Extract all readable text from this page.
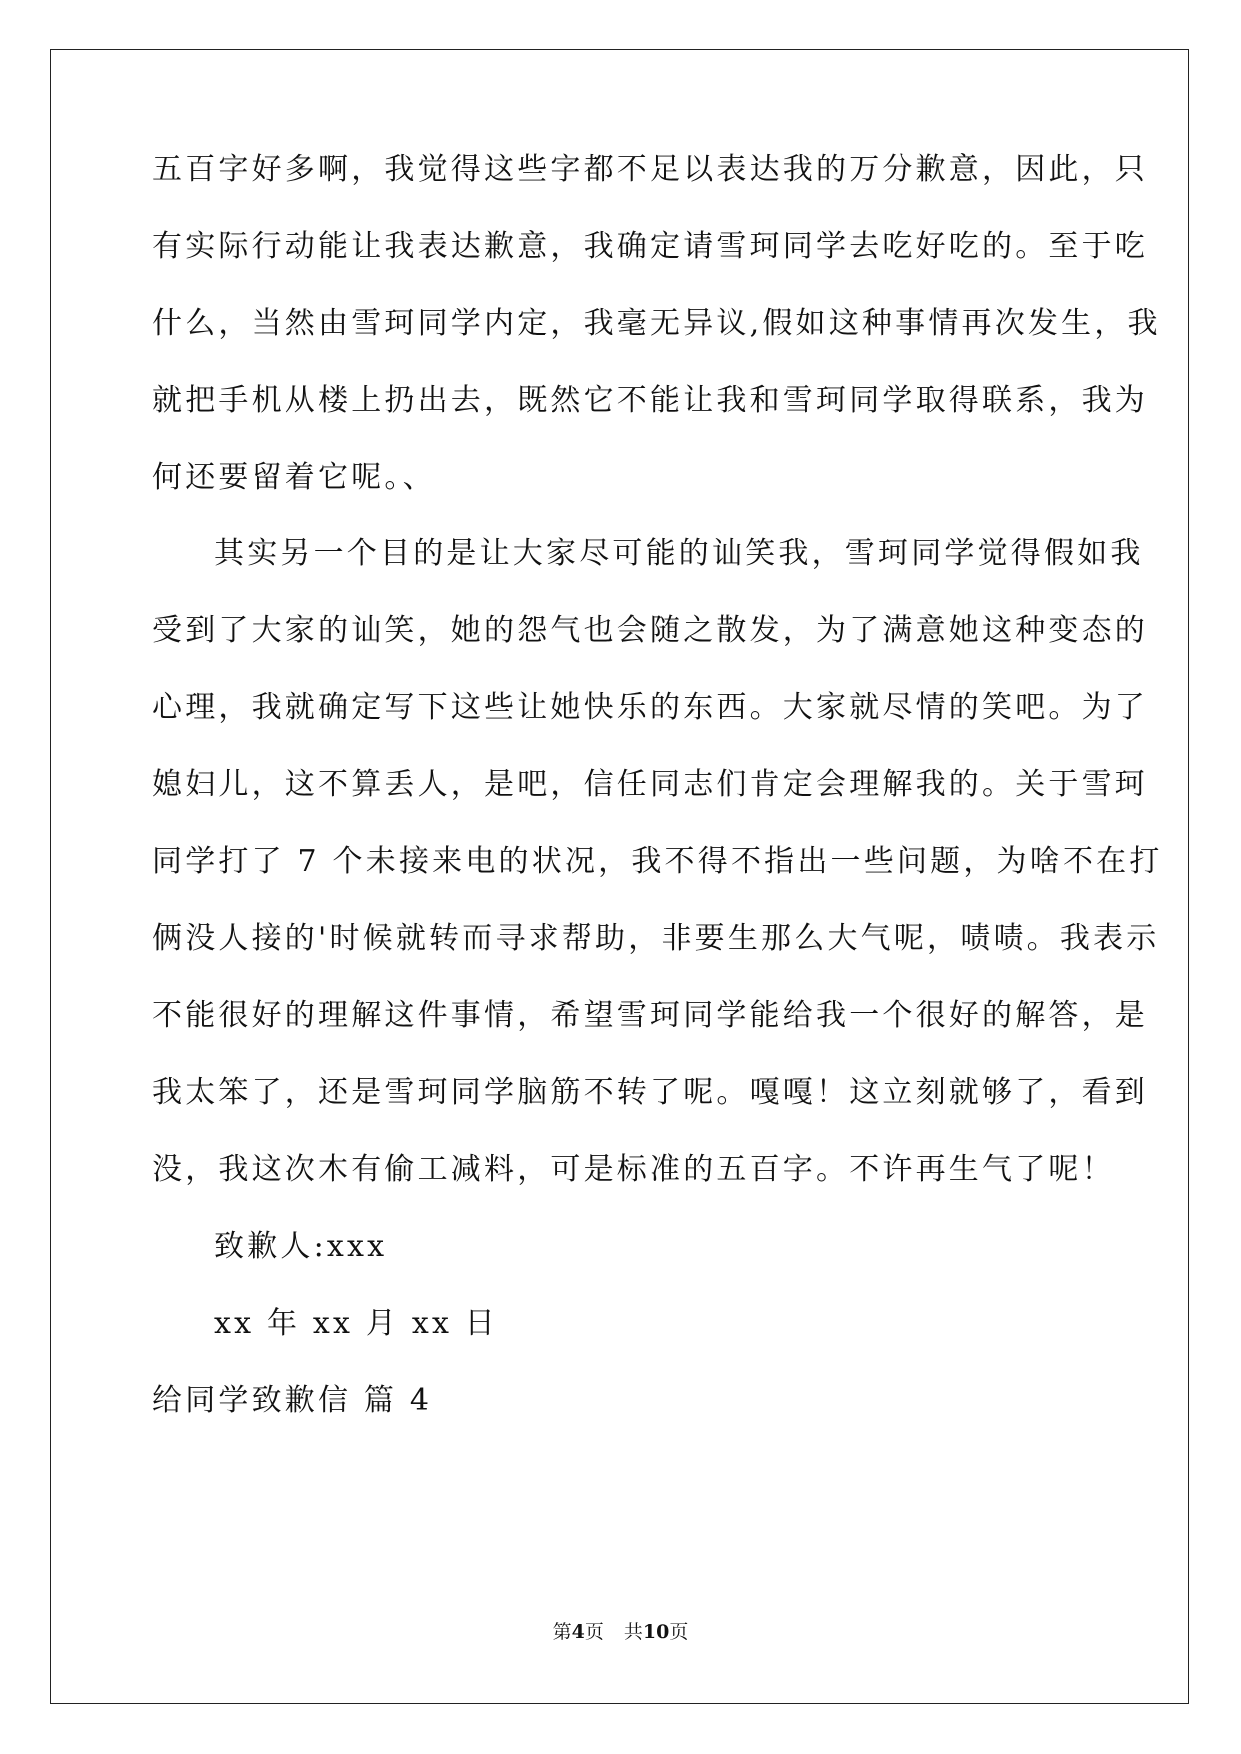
五百字好多啊，我觉得这些字都不足以表达我的万分歉意，因此，只
有实际行动能让我表达歉意，我确定请雪珂同学去吃好吃的。至于吃
什么，当然由雪珂同学内定，我毫无异议,假如这种事情再次发生，我
就把手机从楼上扔出去，既然它不能让我和雪珂同学取得联系，我为
何还要留着它呢。、
其实另一个目的是让大家尽可能的讪笑我，雪珂同学觉得假如我
受到了大家的讪笑，她的怨气也会随之散发，为了满意她这种变态的
心理，我就确定写下这些让她快乐的东西。大家就尽情的笑吧。为了
媳妇儿，这不算丢人，是吧，信任同志们肯定会理解我的。关于雪珂
同学打了 7 个未接来电的状况，我不得不指出一些问题，为啥不在打
俩没人接的'时候就转而寻求帮助，非要生那么大气呢，啧啧。我表示
不能很好的理解这件事情，希望雪珂同学能给我一个很好的解答，是
我太笨了，还是雪珂同学脑筋不转了呢。嘎嘎！这立刻就够了，看到
没，我这次木有偷工减料，可是标准的五百字。不许再生气了呢！
致歉人:xxx
xx 年 xx 月 xx 日
给同学致歉信 篇 4
第4页 共10页
